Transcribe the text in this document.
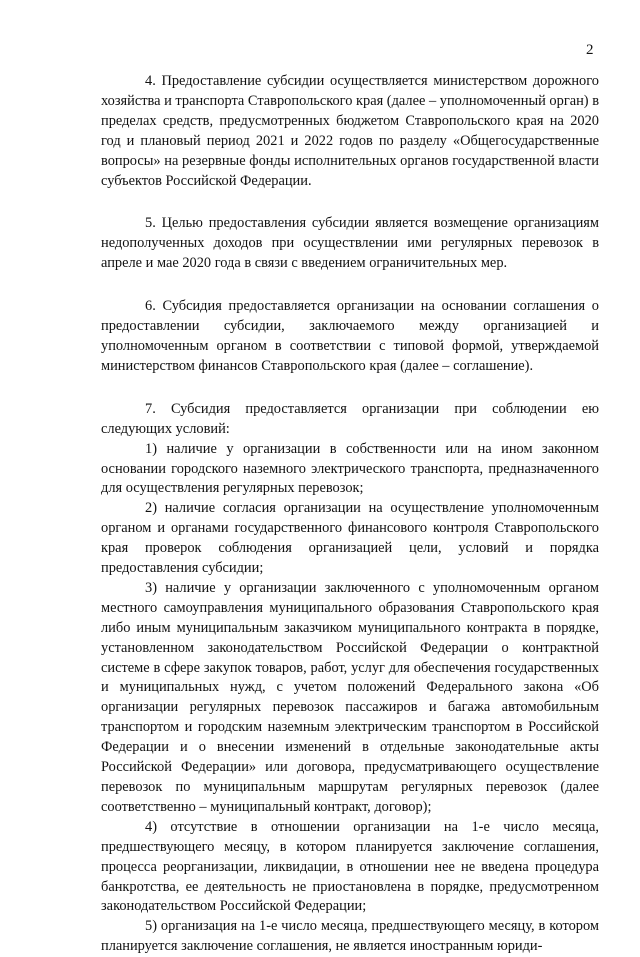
2

4. Предоставление субсидии осуществляется министерством дорожного хозяйства и транспорта Ставропольского края (далее – уполномоченный орган) в пределах средств, предусмотренных бюджетом Ставропольского края на 2020 год и плановый период 2021 и 2022 годов по разделу «Общегосударственные вопросы» на резервные фонды исполнительных органов государственной власти субъектов Российской Федерации.

5. Целью предоставления субсидии является возмещение организациям недополученных доходов при осуществлении ими регулярных перевозок в апреле и мае 2020 года в связи с введением ограничительных мер.

6. Субсидия предоставляется организации на основании соглашения о предоставлении субсидии, заключаемого между организацией и уполномоченным органом в соответствии с типовой формой, утверждаемой министерством финансов Ставропольского края (далее – соглашение).

7. Субсидия предоставляется организации при соблюдении ею следующих условий:

1) наличие у организации в собственности или на ином законном основании городского наземного электрического транспорта, предназначенного для осуществления регулярных перевозок;

2) наличие согласия организации на осуществление уполномоченным органом и органами государственного финансового контроля Ставропольского края проверок соблюдения организацией цели, условий и порядка предоставления субсидии;

3) наличие у организации заключенного с уполномоченным органом местного самоуправления муниципального образования Ставропольского края либо иным муниципальным заказчиком муниципального контракта в порядке, установленном законодательством Российской Федерации о контрактной системе в сфере закупок товаров, работ, услуг для обеспечения государственных и муниципальных нужд, с учетом положений Федерального закона «Об организации регулярных перевозок пассажиров и багажа автомобильным транспортом и городским наземным электрическим транспортом в Российской Федерации и о внесении изменений в отдельные законодательные акты Российской Федерации» или договора, предусматривающего осуществление перевозок по муниципальным маршрутам регулярных перевозок (далее соответственно – муниципальный контракт, договор);

4) отсутствие в отношении организации на 1-е число месяца, предшествующего месяцу, в котором планируется заключение соглашения, процесса реорганизации, ликвидации, в отношении нее не введена процедура банкротства, ее деятельность не приостановлена в порядке, предусмотренном законодательством Российской Федерации;

5) организация на 1-е число месяца, предшествующего месяцу, в котором планируется заключение соглашения, не является иностранным юриди-
